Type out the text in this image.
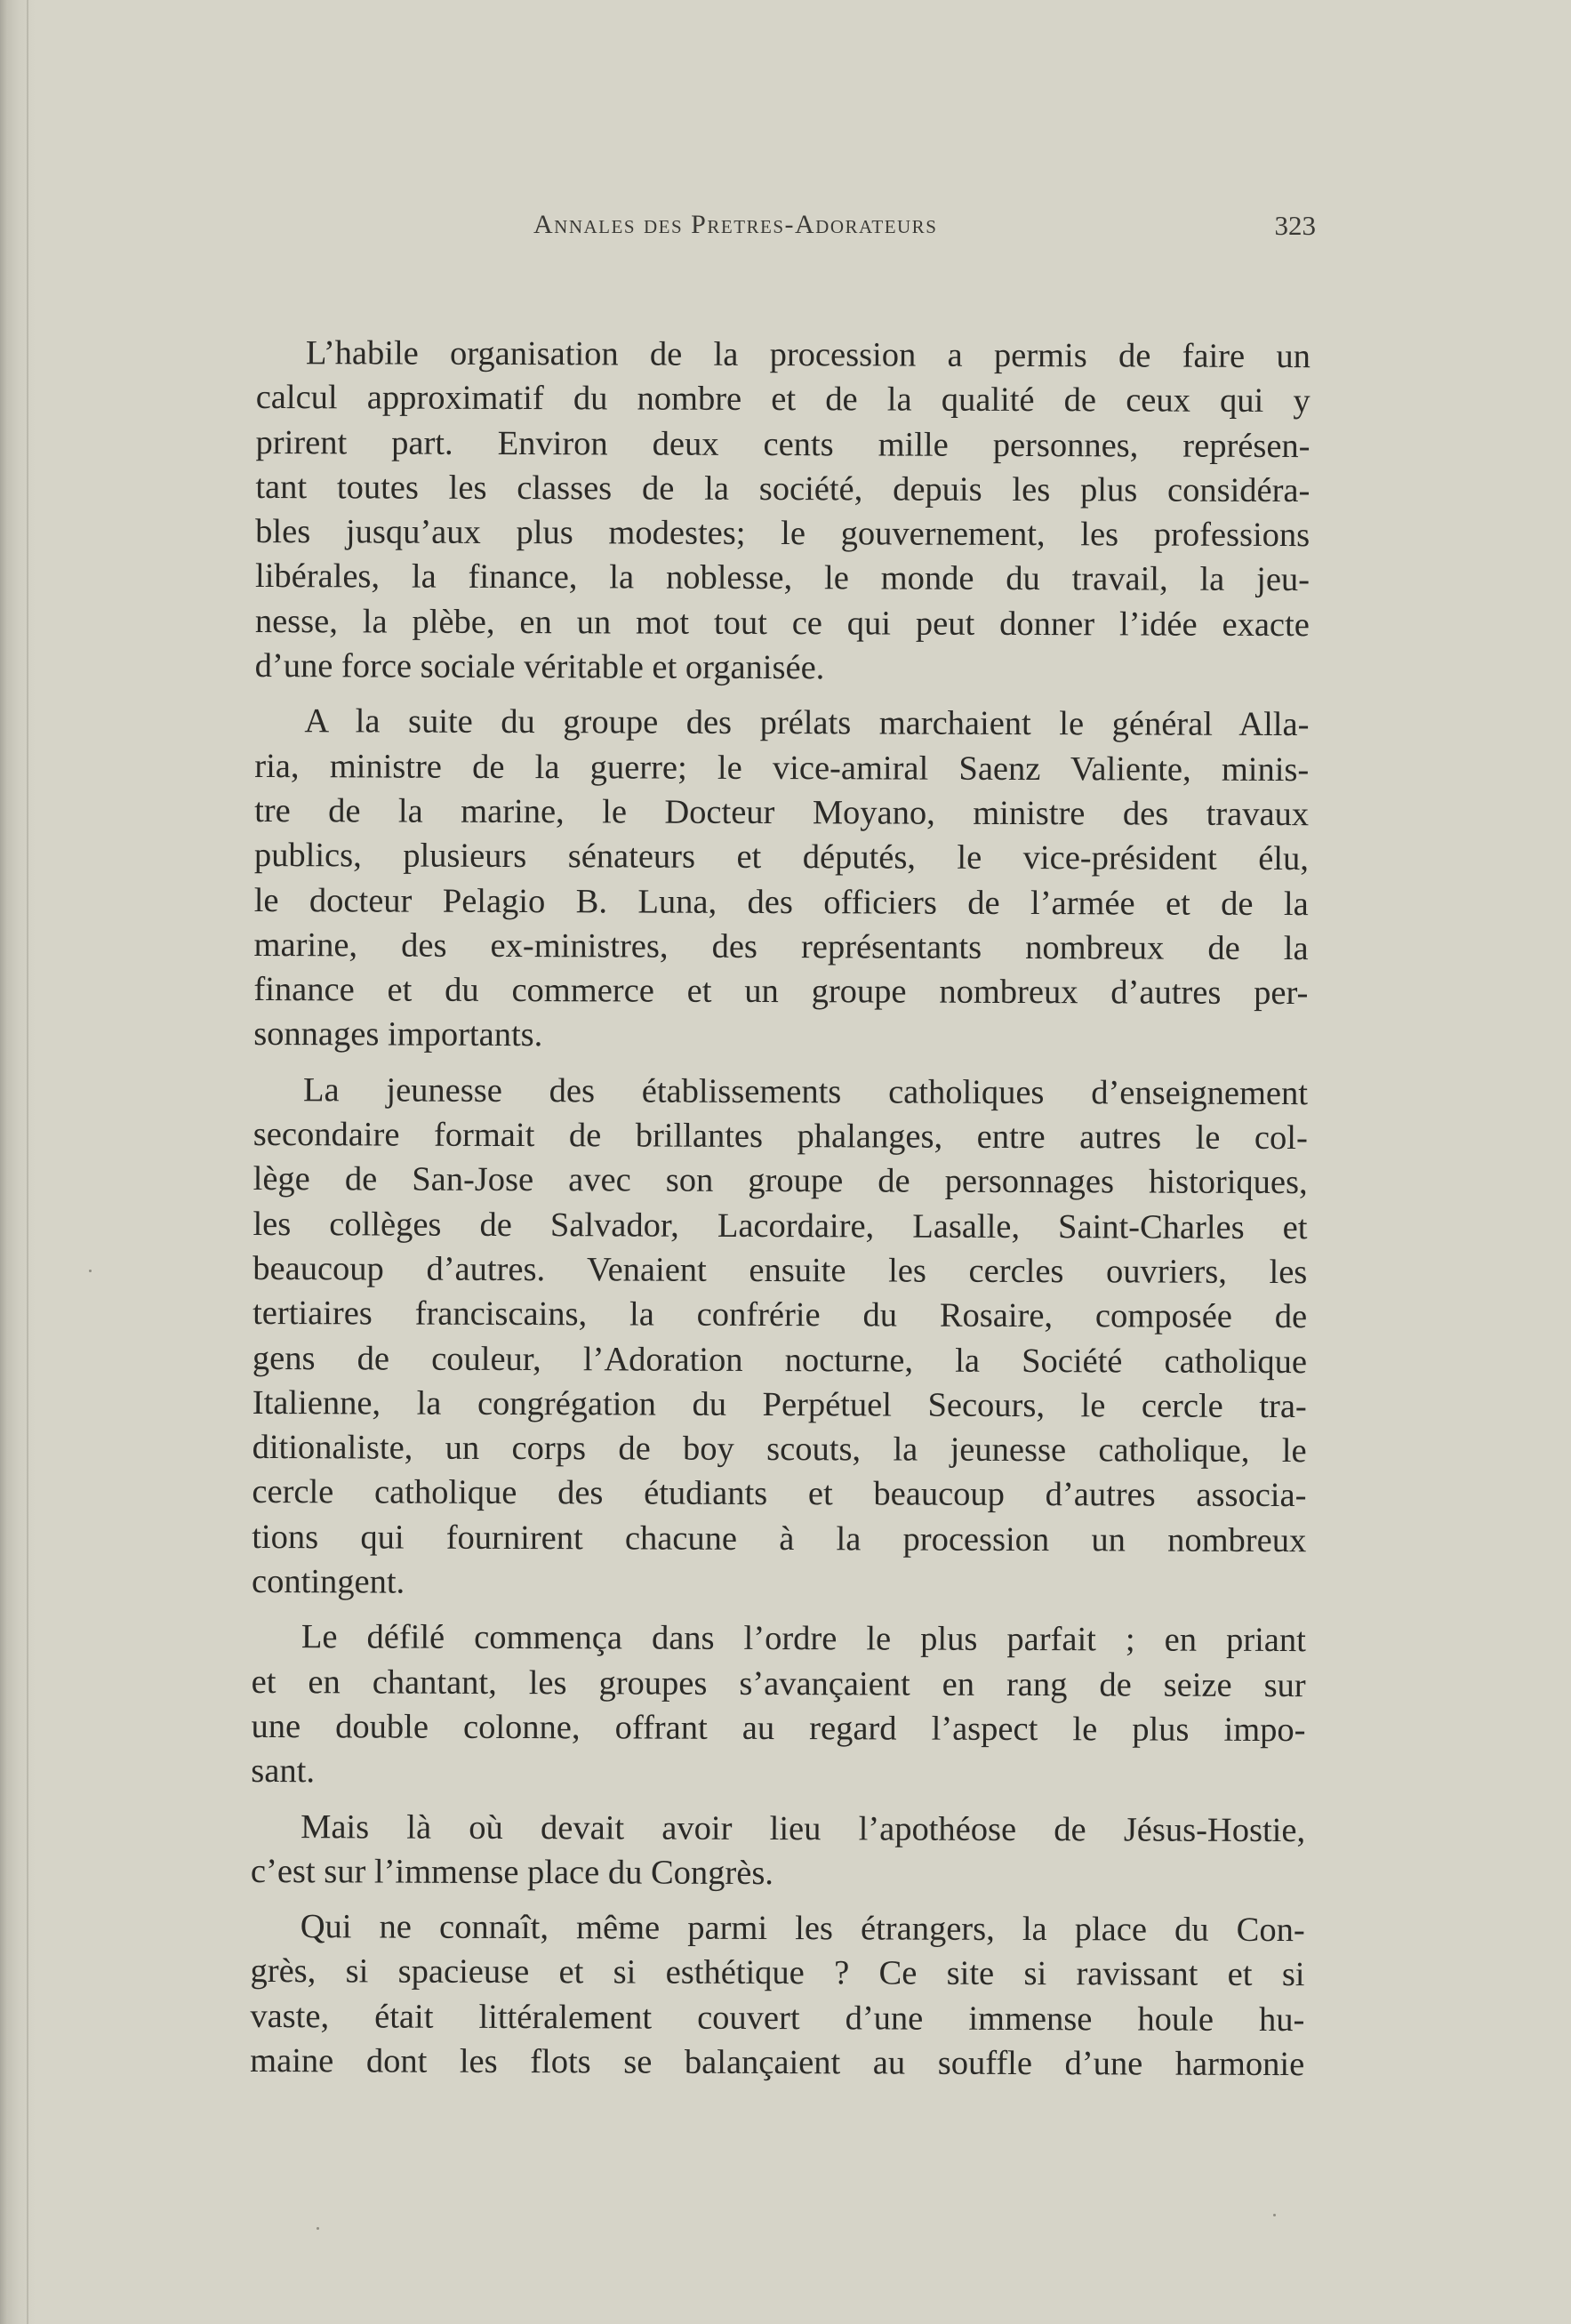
Annales des Pretres-Adorateurs	323
L’habile organisation de la procession a permis de faire un
calcul approximatif du nombre et de la qualité de ceux qui y
prirent part. Environ deux cents mille personnes, représen-
tant toutes les classes de la société, depuis les plus considéra-
bles jusqu’aux plus modestes; le gouvernement, les professions
libérales, la finance, la noblesse, le monde du travail, la jeu-
nesse, la plèbe, en un mot tout ce qui peut donner l’idée exacte
d’une force sociale véritable et organisée.
A la suite du groupe des prélats marchaient le général Alla-
ria, ministre de la guerre; le vice-amiral Saenz Valiente, minis-
tre de la marine, le Docteur Moyano, ministre des travaux
publics, plusieurs sénateurs et députés, le vice-président élu,
le docteur Pelagio B. Luna, des officiers de l’armée et de la
marine, des ex-ministres, des représentants nombreux de la
finance et du commerce et un groupe nombreux d’autres per-
sonnages importants.
La jeunesse des établissements catholiques d’enseignement
secondaire formait de brillantes phalanges, entre autres le col-
lège de San-Jose avec son groupe de personnages historiques,
les collèges de Salvador, Lacordaire, Lasalle, Saint-Charles et
beaucoup d’autres. Venaient ensuite les cercles ouvriers, les
tertiaires franciscains, la confrérie du Rosaire, composée de
gens de couleur, l’Adoration nocturne, la Société catholique
Italienne, la congrégation du Perpétuel Secours, le cercle tra-
ditionaliste, un corps de boy scouts, la jeunesse catholique, le
cercle catholique des étudiants et beaucoup d’autres associa-
tions qui fournirent chacune à la procession un nombreux
contingent.
Le défilé commença dans l’ordre le plus parfait ; en priant
et en chantant, les groupes s’avançaient en rang de seize sur
une double colonne, offrant au regard l’aspect le plus impo-
sant.
Mais là où devait avoir lieu l’apothéose de Jésus-Hostie,
c’est sur l’immense place du Congrès.
Qui ne connaît, même parmi les étrangers, la place du Con-
grès, si spacieuse et si esthétique ? Ce site si ravissant et si
vaste, était littéralement couvert d’une immense houle hu-
maine dont les flots se balançaient au souffle d’une harmonie
